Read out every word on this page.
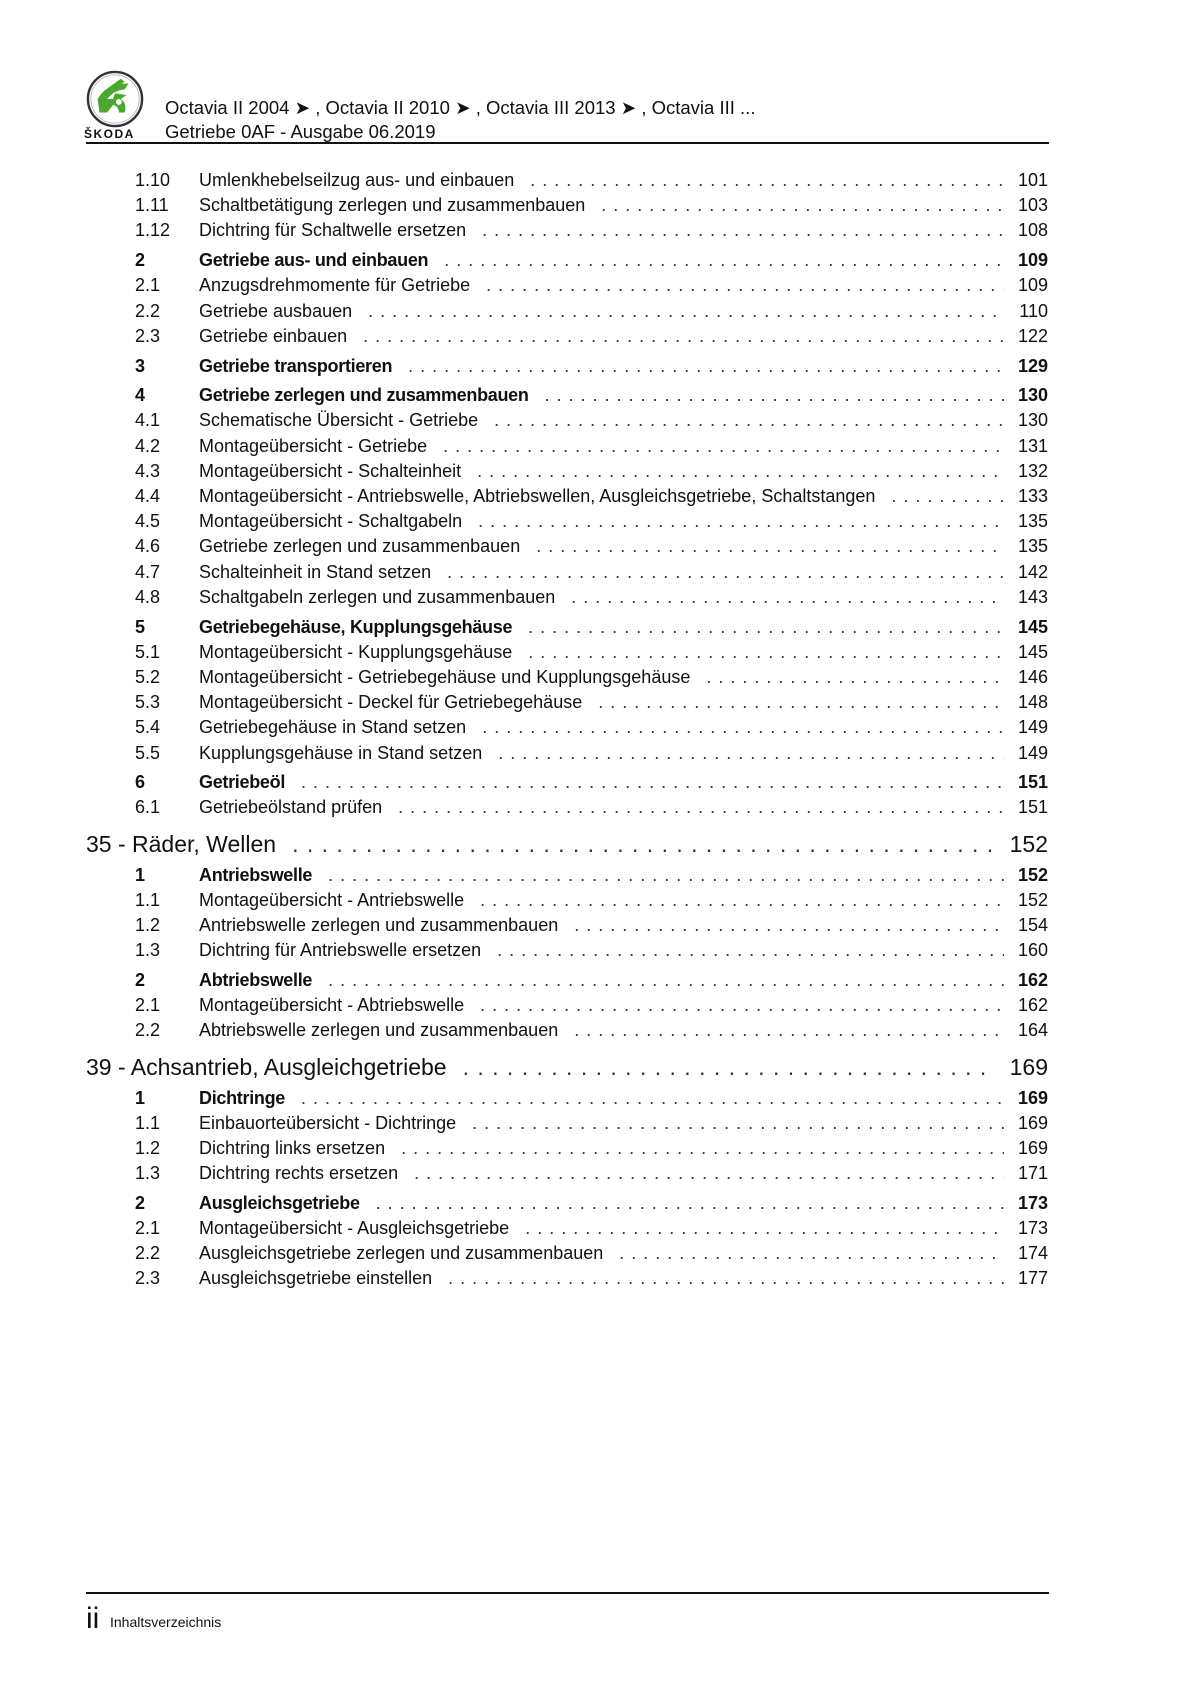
ŠKODA
Octavia II 2004 ➤ , Octavia II 2010 ➤ , Octavia III 2013 ➤ , Octavia III ...
Getriebe 0AF - Ausgabe 06.2019
1.10	Umlenkhebelseilzug aus- und einbauen . . .	101
1.11	Schaltbetätigung zerlegen und zusammenbauen . . .	103
1.12	Dichtring für Schaltwelle ersetzen . . .	108
2	Getriebe aus- und einbauen . . .	109
2.1	Anzugsdrehmomente für Getriebe . . .	109
2.2	Getriebe ausbauen . . .	110
2.3	Getriebe einbauen . . .	122
3	Getriebe transportieren . . .	129
4	Getriebe zerlegen und zusammenbauen . . .	130
4.1	Schematische Übersicht - Getriebe . . .	130
4.2	Montageübersicht - Getriebe . . .	131
4.3	Montageübersicht - Schalteinheit . . .	132
4.4	Montageübersicht - Antriebswelle, Abtriebswellen, Ausgleichsgetriebe, Schaltstangen . . .	133
4.5	Montageübersicht - Schaltgabeln . . .	135
4.6	Getriebe zerlegen und zusammenbauen . . .	135
4.7	Schalteinheit in Stand setzen . . .	142
4.8	Schaltgabeln zerlegen und zusammenbauen . . .	143
5	Getriebegehäuse, Kupplungsgehäuse . . .	145
5.1	Montageübersicht - Kupplungsgehäuse . . .	145
5.2	Montageübersicht - Getriebegehäuse und Kupplungsgehäuse . . .	146
5.3	Montageübersicht - Deckel für Getriebegehäuse . . .	148
5.4	Getriebegehäuse in Stand setzen . . .	149
5.5	Kupplungsgehäuse in Stand setzen . . .	149
6	Getriebeöl . . .	151
6.1	Getriebeölstand prüfen . . .	151
35 - Räder, Wellen . . .	152
1	Antriebswelle . . .	152
1.1	Montageübersicht - Antriebswelle . . .	152
1.2	Antriebswelle zerlegen und zusammenbauen . . .	154
1.3	Dichtring für Antriebswelle ersetzen . . .	160
2	Abtriebswelle . . .	162
2.1	Montageübersicht - Abtriebswelle . . .	162
2.2	Abtriebswelle zerlegen und zusammenbauen . . .	164
39 - Achsantrieb, Ausgleichgetriebe . . .	169
1	Dichtringe . . .	169
1.1	Einbauorteübersicht - Dichtringe . . .	169
1.2	Dichtring links ersetzen . . .	169
1.3	Dichtring rechts ersetzen . . .	171
2	Ausgleichsgetriebe . . .	173
2.1	Montageübersicht - Ausgleichsgetriebe . . .	173
2.2	Ausgleichsgetriebe zerlegen und zusammenbauen . . .	174
2.3	Ausgleichsgetriebe einstellen . . .	177
ii Inhaltsverzeichnis
